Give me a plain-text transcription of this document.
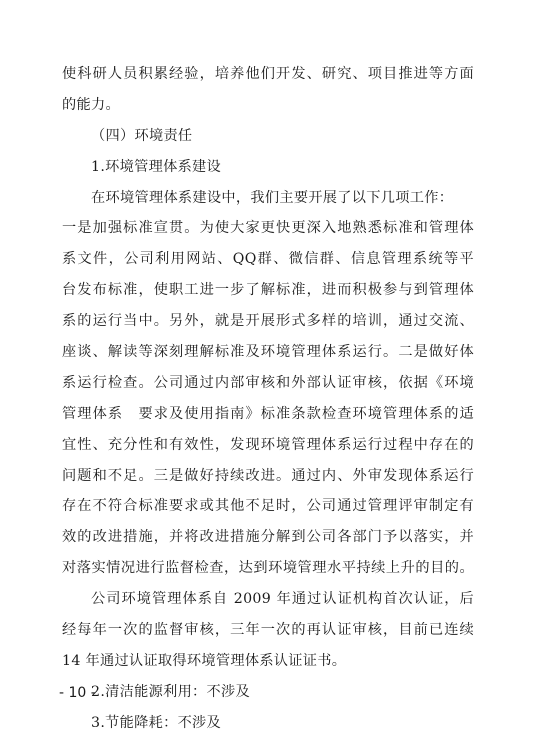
使科研人员积累经验，培养他们开发、研究、项目推进等方面
的能力。
（四）环境责任
1.环境管理体系建设
在环境管理体系建设中，我们主要开展了以下几项工作：
一是加强标准宣贯。为使大家更快更深入地熟悉标准和管理体
系文件，公司利用网站、QQ群、微信群、信息管理系统等平
台发布标准，使职工进一步了解标准，进而积极参与到管理体
系的运行当中。另外，就是开展形式多样的培训，通过交流、
座谈、解读等深刻理解标准及环境管理体系运行。二是做好体
系运行检查。公司通过内部审核和外部认证审核，依据《环境
管理体系　要求及使用指南》标准条款检查环境管理体系的适
宜性、充分性和有效性，发现环境管理体系运行过程中存在的
问题和不足。三是做好持续改进。通过内、外审发现体系运行
存在不符合标准要求或其他不足时，公司通过管理评审制定有
效的改进措施，并将改进措施分解到公司各部门予以落实，并
对落实情况进行监督检查，达到环境管理水平持续上升的目的。
公司环境管理体系自 2009 年通过认证机构首次认证，后
经每年一次的监督审核，三年一次的再认证审核，目前已连续
14 年通过认证取得环境管理体系认证证书。
2.清洁能源利用：不涉及
3.节能降耗：不涉及
- 10 -
